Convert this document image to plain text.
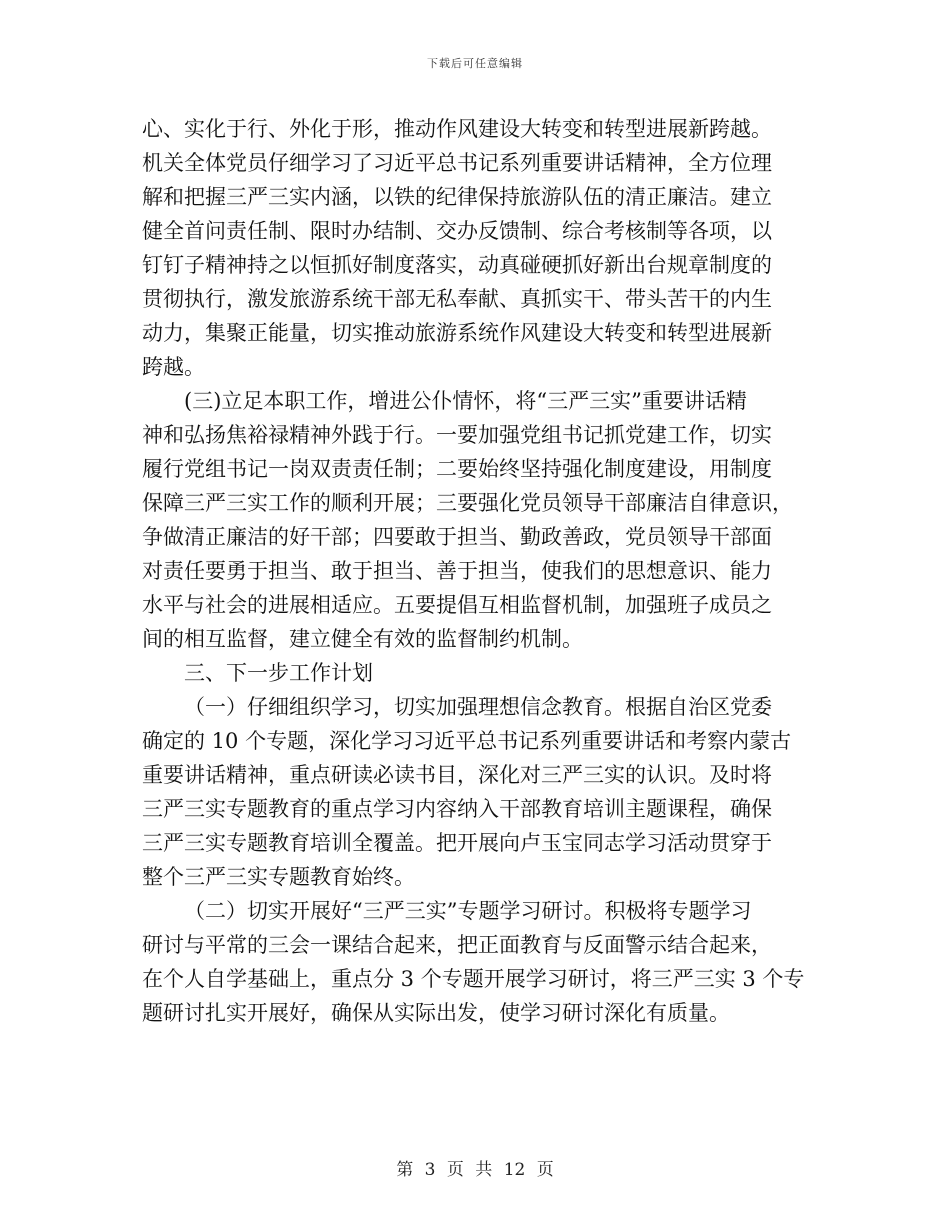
下载后可任意编辑
心、实化于行、外化于形，推动作风建设大转变和转型进展新跨越。
机关全体党员仔细学习了习近平总书记系列重要讲话精神，全方位理
解和把握三严三实内涵，以铁的纪律保持旅游队伍的清正廉洁。建立
健全首问责任制、限时办结制、交办反馈制、综合考核制等各项，以
钉钉子精神持之以恒抓好制度落实，动真碰硬抓好新出台规章制度的
贯彻执行，激发旅游系统干部无私奉献、真抓实干、带头苦干的内生
动力，集聚正能量，切实推动旅游系统作风建设大转变和转型进展新
跨越。
(三)立足本职工作，增进公仆情怀，将“三严三实”重要讲话精
神和弘扬焦裕禄精神外践于行。一要加强党组书记抓党建工作，切实
履行党组书记一岗双责责任制；二要始终坚持强化制度建设，用制度
保障三严三实工作的顺利开展；三要强化党员领导干部廉洁自律意识，
争做清正廉洁的好干部；四要敢于担当、勤政善政，党员领导干部面
对责任要勇于担当、敢于担当、善于担当，使我们的思想意识、能力
水平与社会的进展相适应。五要提倡互相监督机制，加强班子成员之
间的相互监督，建立健全有效的监督制约机制。
三、下一步工作计划
（一）仔细组织学习，切实加强理想信念教育。根据自治区党委
确定的 10 个专题，深化学习习近平总书记系列重要讲话和考察内蒙古
重要讲话精神，重点研读必读书目，深化对三严三实的认识。及时将
三严三实专题教育的重点学习内容纳入干部教育培训主题课程，确保
三严三实专题教育培训全覆盖。把开展向卢玉宝同志学习活动贯穿于
整个三严三实专题教育始终。
（二）切实开展好“三严三实”专题学习研讨。积极将专题学习
研讨与平常的三会一课结合起来，把正面教育与反面警示结合起来，
在个人自学基础上，重点分 3 个专题开展学习研讨，将三严三实 3 个专
题研讨扎实开展好，确保从实际出发，使学习研讨深化有质量。
第 3 页 共 12 页
